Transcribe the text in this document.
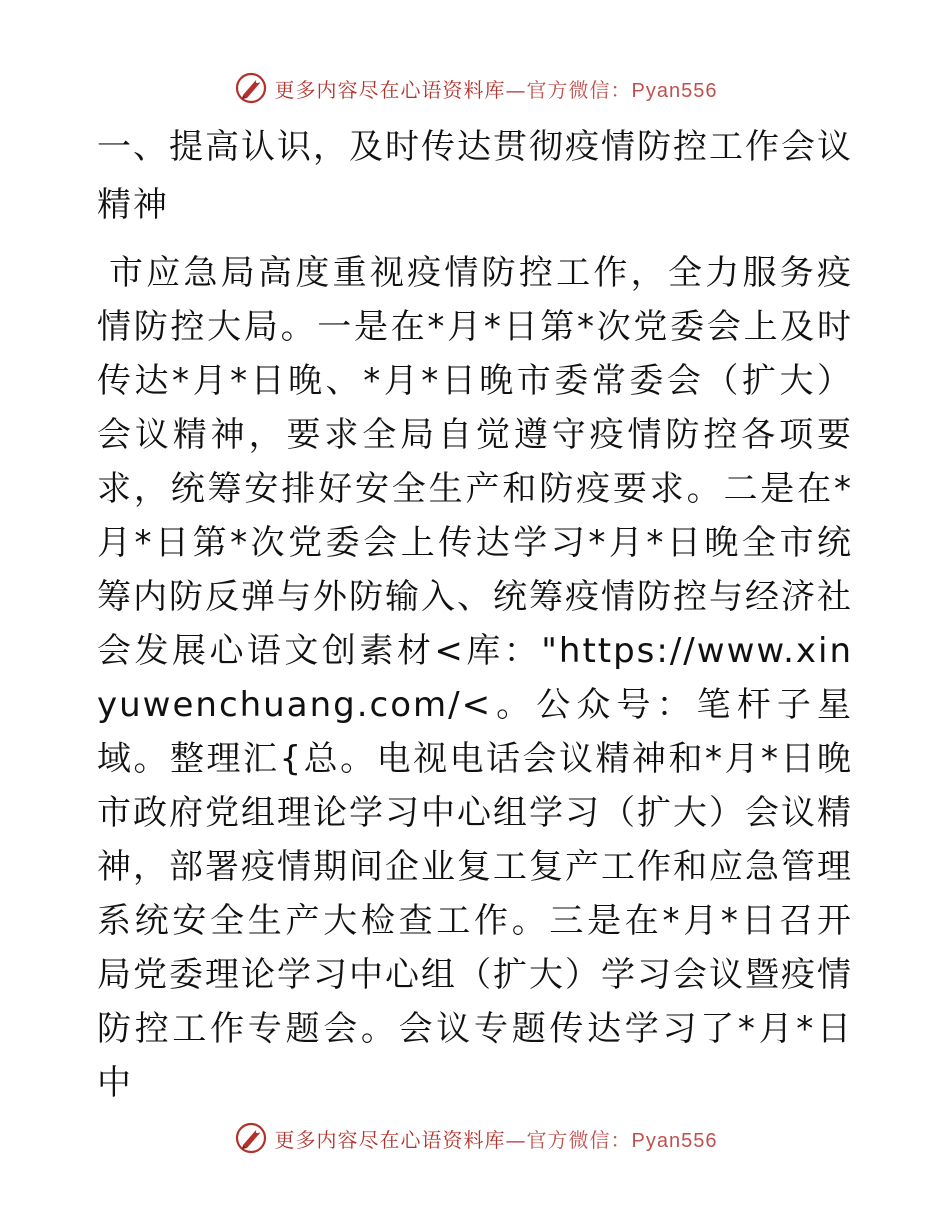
更多内容尽在心语资料库—官方微信：Pyan556
一、提高认识，及时传达贯彻疫情防控工作会议精神

市应急局高度重视疫情防控工作，全力服务疫情防控大局。一是在*月*日第*次党委会上及时传达*月*日晚、*月*日晚市委常委会（扩大）会议精神，要求全局自觉遵守疫情防控各项要求，统筹安排好安全生产和防疫要求。二是在*月*日第*次党委会上传达学习*月*日晚全市统筹内防反弹与外防输入、统筹疫情防控与经济社会发展心语文创素材<库："https://www.xinyuwenchuang.com/<。公众号：笔杆子星域。整理汇{总。电视电话会议精神和*月*日晚市政府党组理论学习中心组学习（扩大）会议精神，部署疫情期间企业复工复产工作和应急管理系统安全生产大检查工作。三是在*月*日召开局党委理论学习中心组（扩大）学习会议暨疫情防控工作专题会。会议专题传达学习了*月*日中

更多内容尽在心语资料库—官方微信：Pyan556
